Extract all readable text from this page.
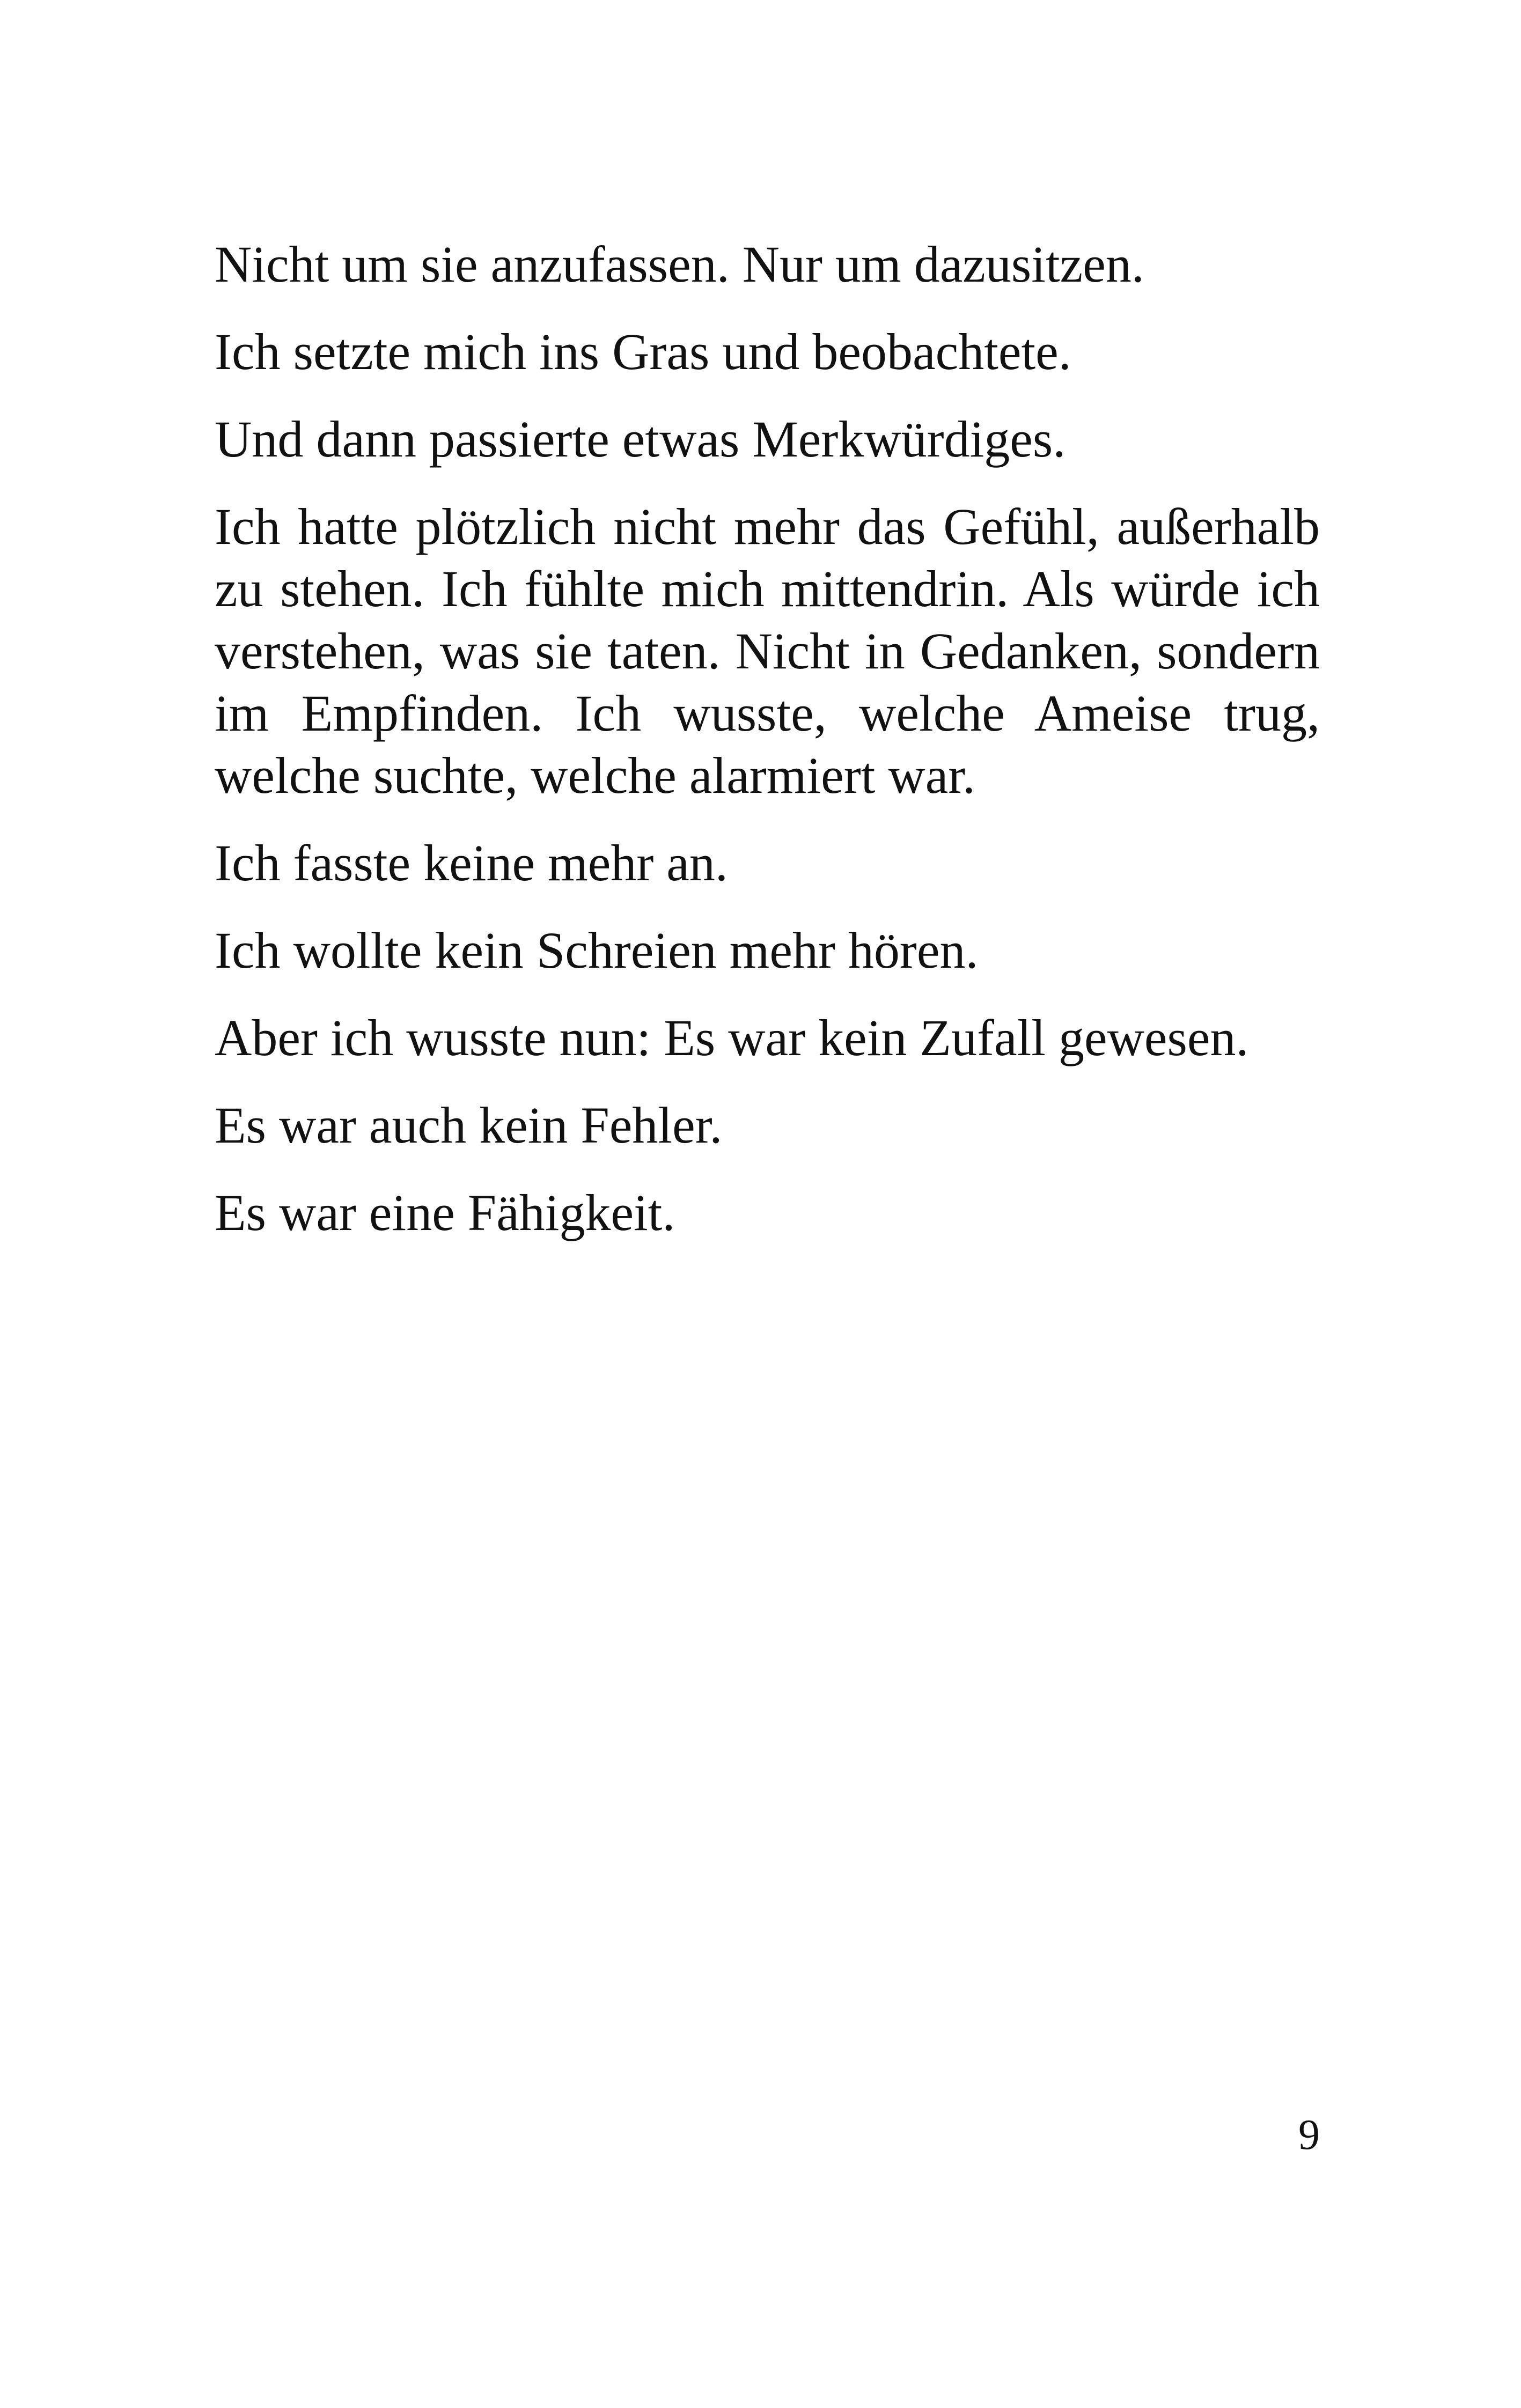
Nicht um sie anzufassen. Nur um dazusitzen.

Ich setzte mich ins Gras und beobachtete.

Und dann passierte etwas Merkwürdiges.

Ich hatte plötzlich nicht mehr das Gefühl, außerhalb zu stehen. Ich fühlte mich mittendrin. Als würde ich verstehen, was sie taten. Nicht in Gedanken, sondern im Empfinden. Ich wusste, welche Ameise trug, welche suchte, welche alarmiert war.

Ich fasste keine mehr an.

Ich wollte kein Schreien mehr hören.

Aber ich wusste nun: Es war kein Zufall gewesen.

Es war auch kein Fehler.

Es war eine Fähigkeit.

9
